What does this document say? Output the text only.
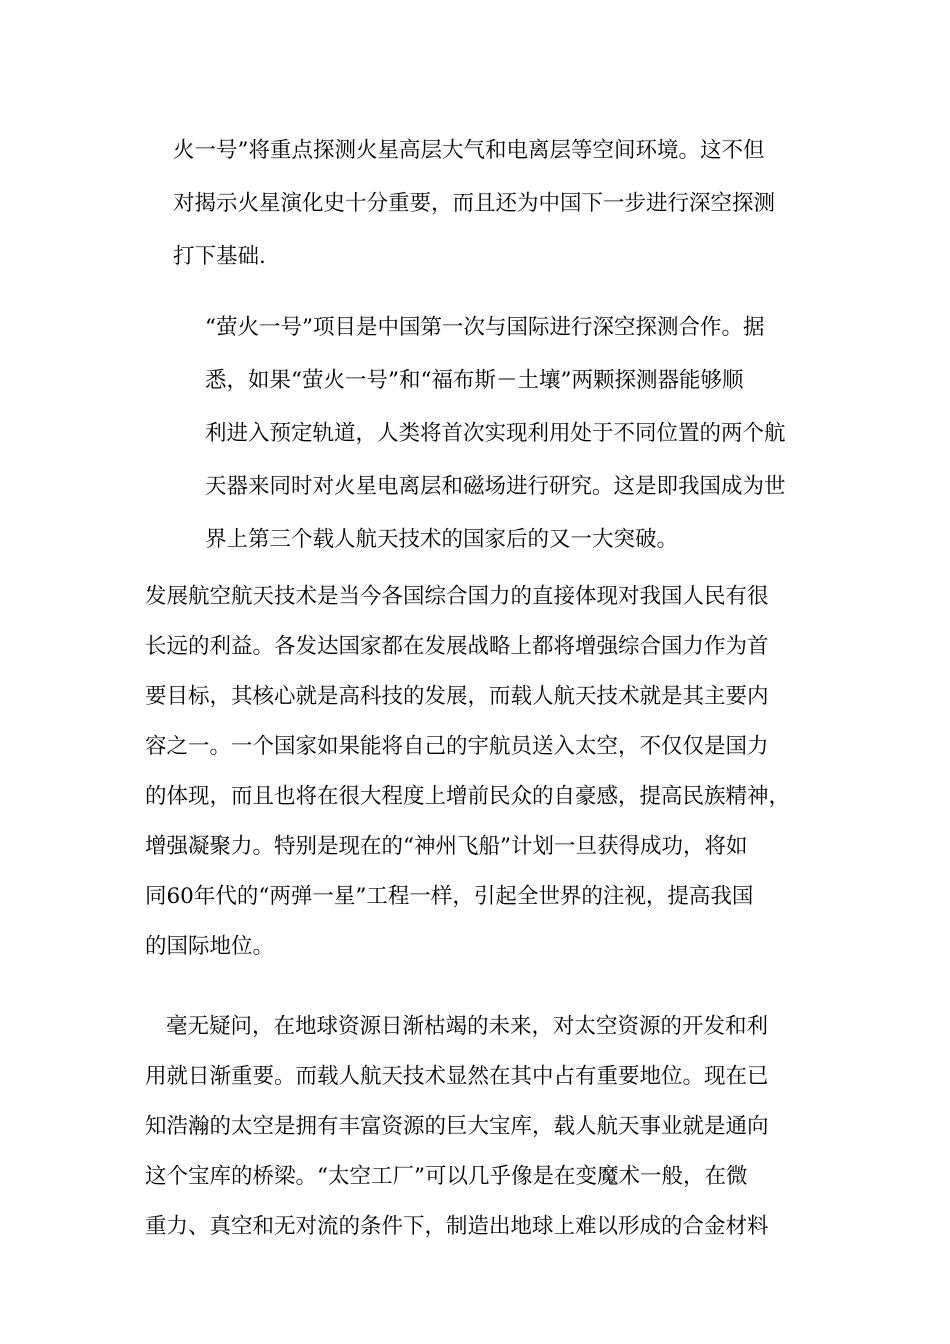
火一号”将重点探测火星高层大气和电离层等空间环境。这不但
对揭示火星演化史十分重要，而且还为中国下一步进行深空探测
打下基础.

“萤火一号”项目是中国第一次与国际进行深空探测合作。据
悉，如果“萤火一号”和“福布斯－土壤”两颗探测器能够顺
利进入预定轨道，人类将首次实现利用处于不同位置的两个航
天器来同时对火星电离层和磁场进行研究。这是即我国成为世
界上第三个载人航天技术的国家后的又一大突破。

发展航空航天技术是当今各国综合国力的直接体现对我国人民有很
长远的利益。各发达国家都在发展战略上都将增强综合国力作为首
要目标，其核心就是高科技的发展，而载人航天技术就是其主要内
容之一。一个国家如果能将自己的宇航员送入太空，不仅仅是国力
的体现，而且也将在很大程度上增前民众的自豪感，提高民族精神，
增强凝聚力。特别是现在的“神州飞船”计划一旦获得成功，将如
同60年代的“两弹一星”工程一样，引起全世界的注视，提高我国
的国际地位。

毫无疑问，在地球资源日渐枯竭的未来，对太空资源的开发和利
用就日渐重要。而载人航天技术显然在其中占有重要地位。现在已
知浩瀚的太空是拥有丰富资源的巨大宝库，载人航天事业就是通向
这个宝库的桥梁。“太空工厂”可以几乎像是在变魔术一般，在微
重力、真空和无对流的条件下，制造出地球上难以形成的合金材料
